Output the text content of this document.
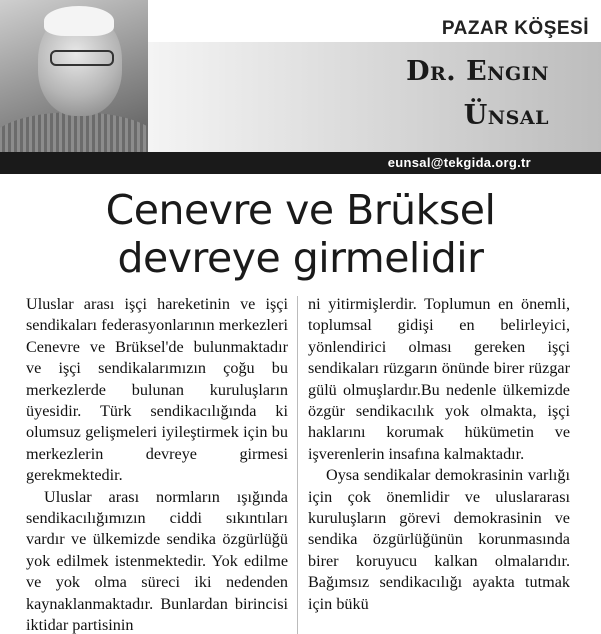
PAZAR KÖŞESİ
Dr. Engin
Ünsal
eunsal@tekgida.org.tr
Cenevre ve Brüksel
devreye girmelidir

Uluslar arası işçi hareketinin ve işçi sendikaları federasyonlarının merkezleri Cenevre ve Brüksel'de bulunmaktadır ve işçi sendikalarımızın çoğu bu merkezlerde bulunan kuruluşların üyesidir. Türk sendikacılığında ki olumsuz gelişmeleri iyileştirmek için bu merkezlerin devreye girmesi gerekmektedir.

Uluslar arası normların ışığında sendikacılığımızın ciddi sıkıntıları vardır ve ülkemizde sendika özgürlüğü yok edilmek istenmektedir. Yok edilme ve yok olma süreci iki nedenden kaynaklanmaktadır. Bunlardan birincisi iktidar partisinin

ni yitirmişlerdir. Toplumun en önemli, toplumsal gidişi en belirleyici, yönlendirici olması gereken işçi sendikaları rüzgarın önünde birer rüzgar gülü olmuşlardır.Bu nedenle ülkemizde özgür sendikacılık yok olmakta, işçi haklarını korumak hükümetin ve işverenlerin insafına kalmaktadır.

Oysa sendikalar demokrasinin varlığı için çok önemlidir ve uluslararası kuruluşların görevi demokrasinin ve sendika özgürlüğünün korunmasında birer koruyucu kalkan olmalarıdır. Bağımsız sendikacılığı ayakta tutmak için bükü
